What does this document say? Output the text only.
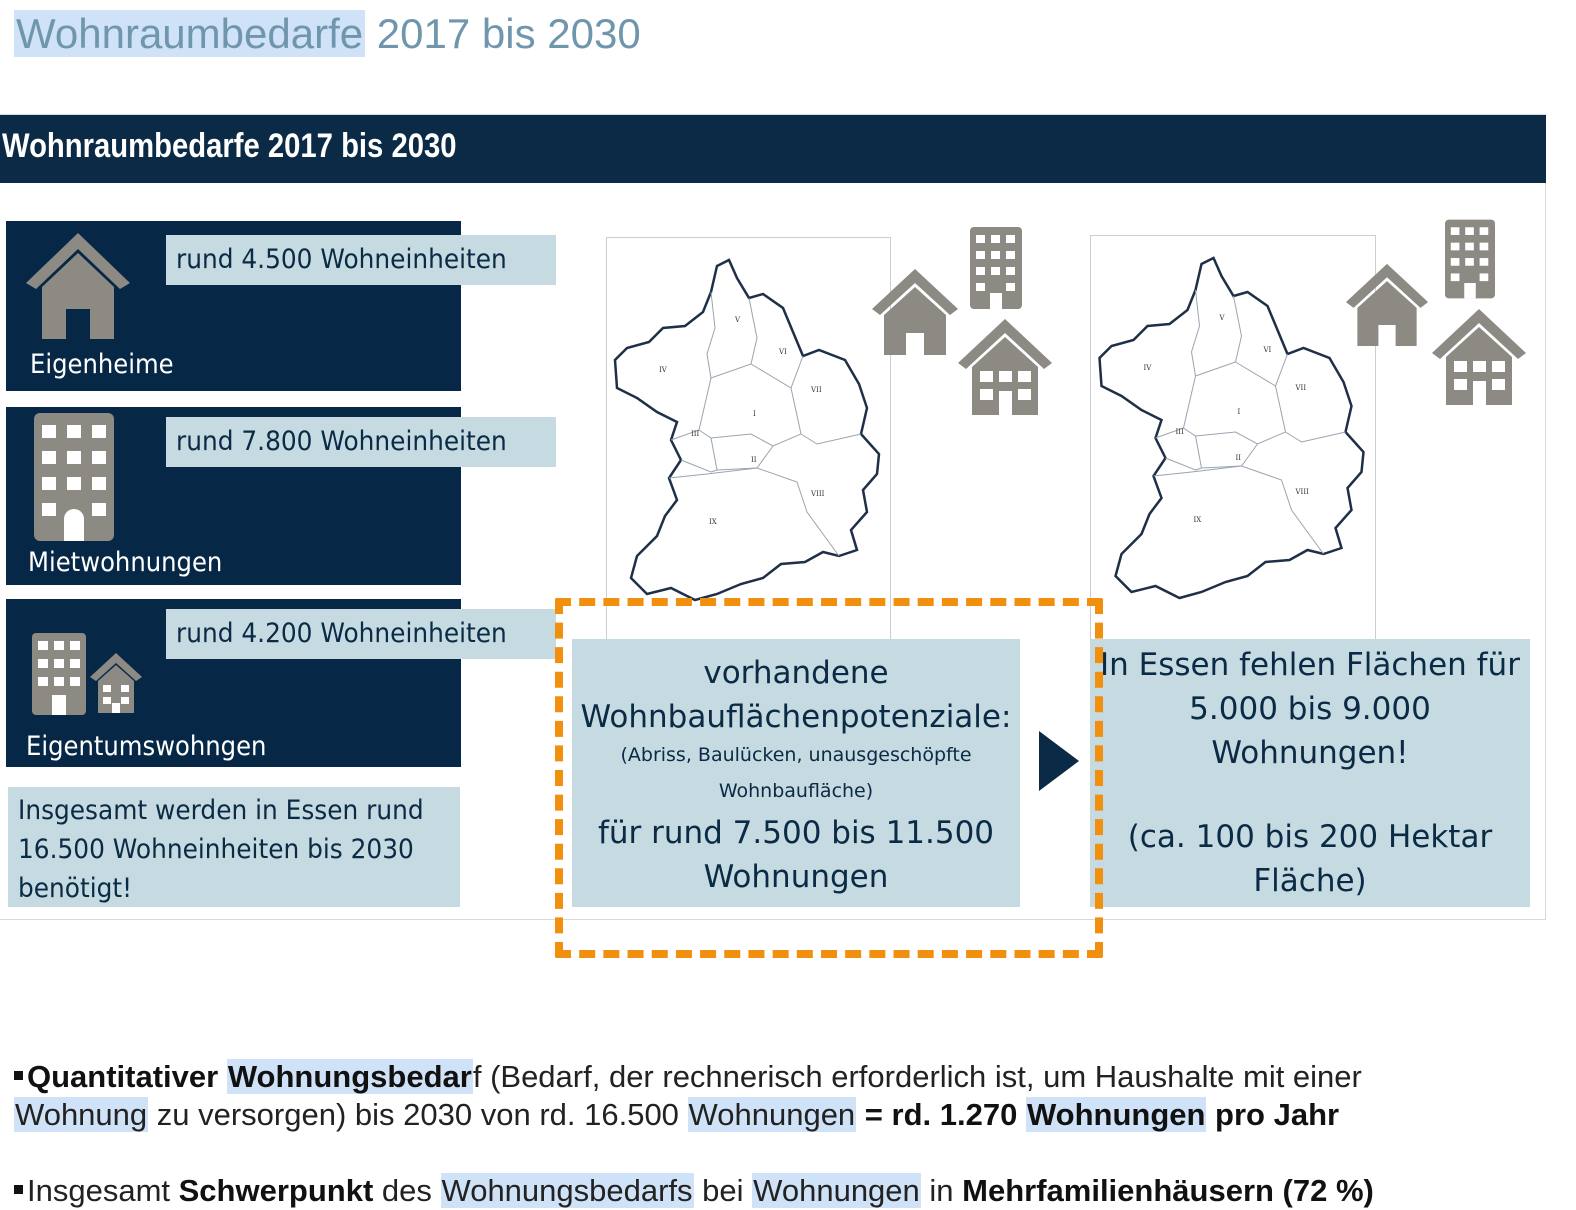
Wohnraumbedarfe 2017 bis 2030
Wohnraumbedarfe 2017 bis 2030
Eigenheime
rund 4.500 Wohneinheiten
Mietwohnungen
rund 7.800 Wohneinheiten
Eigentumswohngen
rund 4.200 Wohneinheiten
V
VI
IV
VII
I
III
II
VIII
IX
V
VI
IV
VII
I
III
II
VIII
IX
Insgesamt werden in Essen rund
16.500 Wohneinheiten bis 2030
benötigt!
vorhandene
Wohnbauflächenpotenziale:
(Abriss, Baulücken, unausgeschöpfte
Wohnbaufläche)
für rund 7.500 bis 11.500
Wohnungen
In Essen fehlen Flächen für
5.000 bis 9.000
Wohnungen!
(ca. 100 bis 200 Hektar
Fläche)

Quantitativer Wohnungsbedarf (Bedarf, der rechnerisch erforderlich ist, um Haushalte mit einer

Wohnung zu versorgen) bis 2030 von rd. 16.500 Wohnungen = rd. 1.270 Wohnungen pro Jahr

Insgesamt Schwerpunkt des Wohnungsbedarfs bei Wohnungen in Mehrfamilienhäusern (72 %)
